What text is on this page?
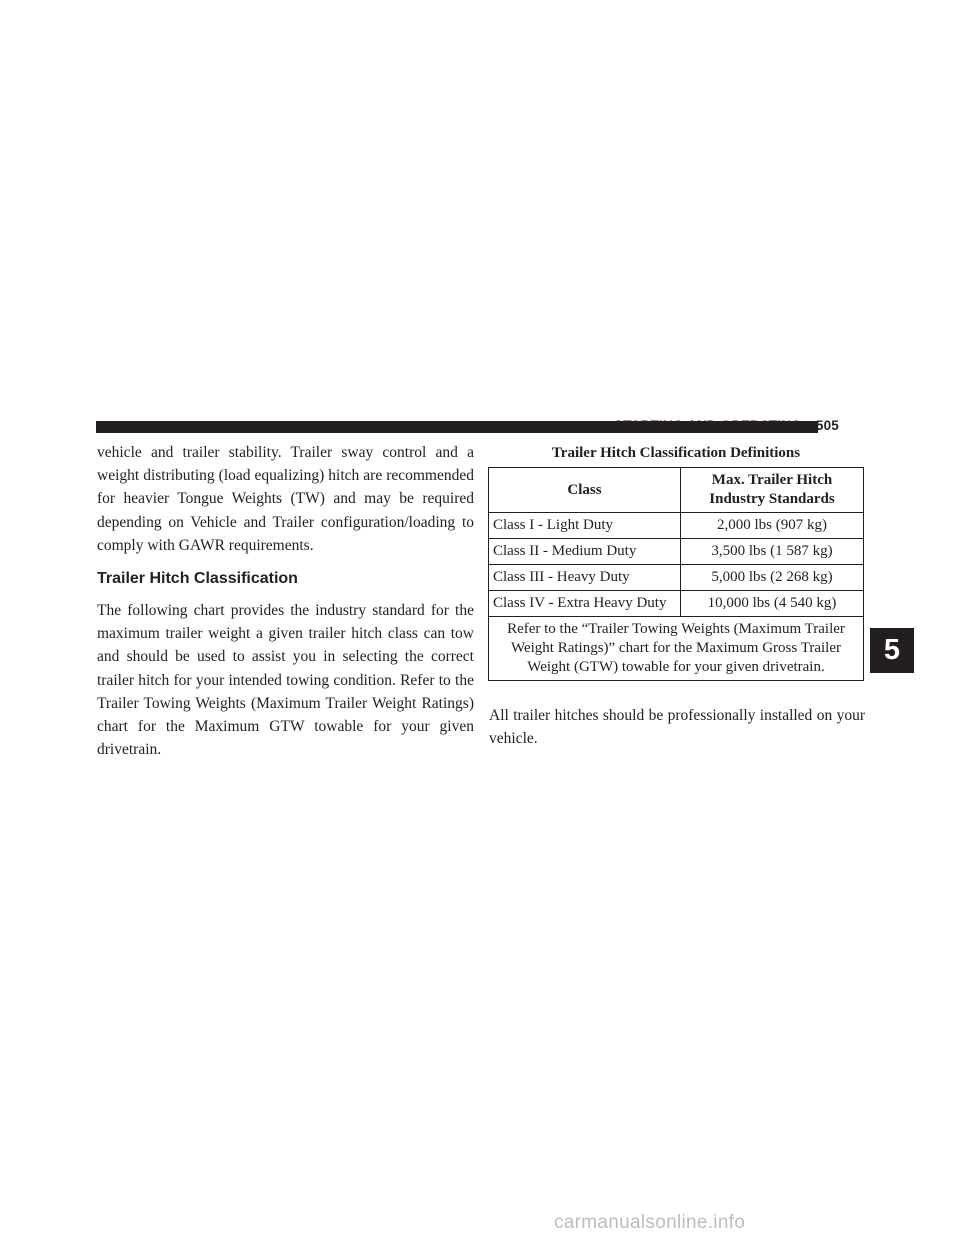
STARTING AND OPERATING 505

vehicle and trailer stability. Trailer sway control and a weight distributing (load equalizing) hitch are recommended for heavier Tongue Weights (TW) and may be required depending on Vehicle and Trailer configuration/loading to comply with GAWR requirements.

Trailer Hitch Classification

The following chart provides the industry standard for the maximum trailer weight a given trailer hitch class can tow and should be used to assist you in selecting the correct trailer hitch for your intended towing condition. Refer to the Trailer Towing Weights (Maximum Trailer Weight Ratings) chart for the Maximum GTW towable for your given drivetrain.

Trailer Hitch Classification Definitions
Class	Max. Trailer Hitch Industry Standards
Class I - Light Duty	2,000 lbs (907 kg)
Class II - Medium Duty	3,500 lbs (1 587 kg)
Class III - Heavy Duty	5,000 lbs (2 268 kg)
Class IV - Extra Heavy Duty	10,000 lbs (4 540 kg)
Refer to the “Trailer Towing Weights (Maximum Trailer Weight Ratings)” chart for the Maximum Gross Trailer Weight (GTW) towable for your given drivetrain.	

All trailer hitches should be professionally installed on your vehicle.

5
carmanualsonline.info
